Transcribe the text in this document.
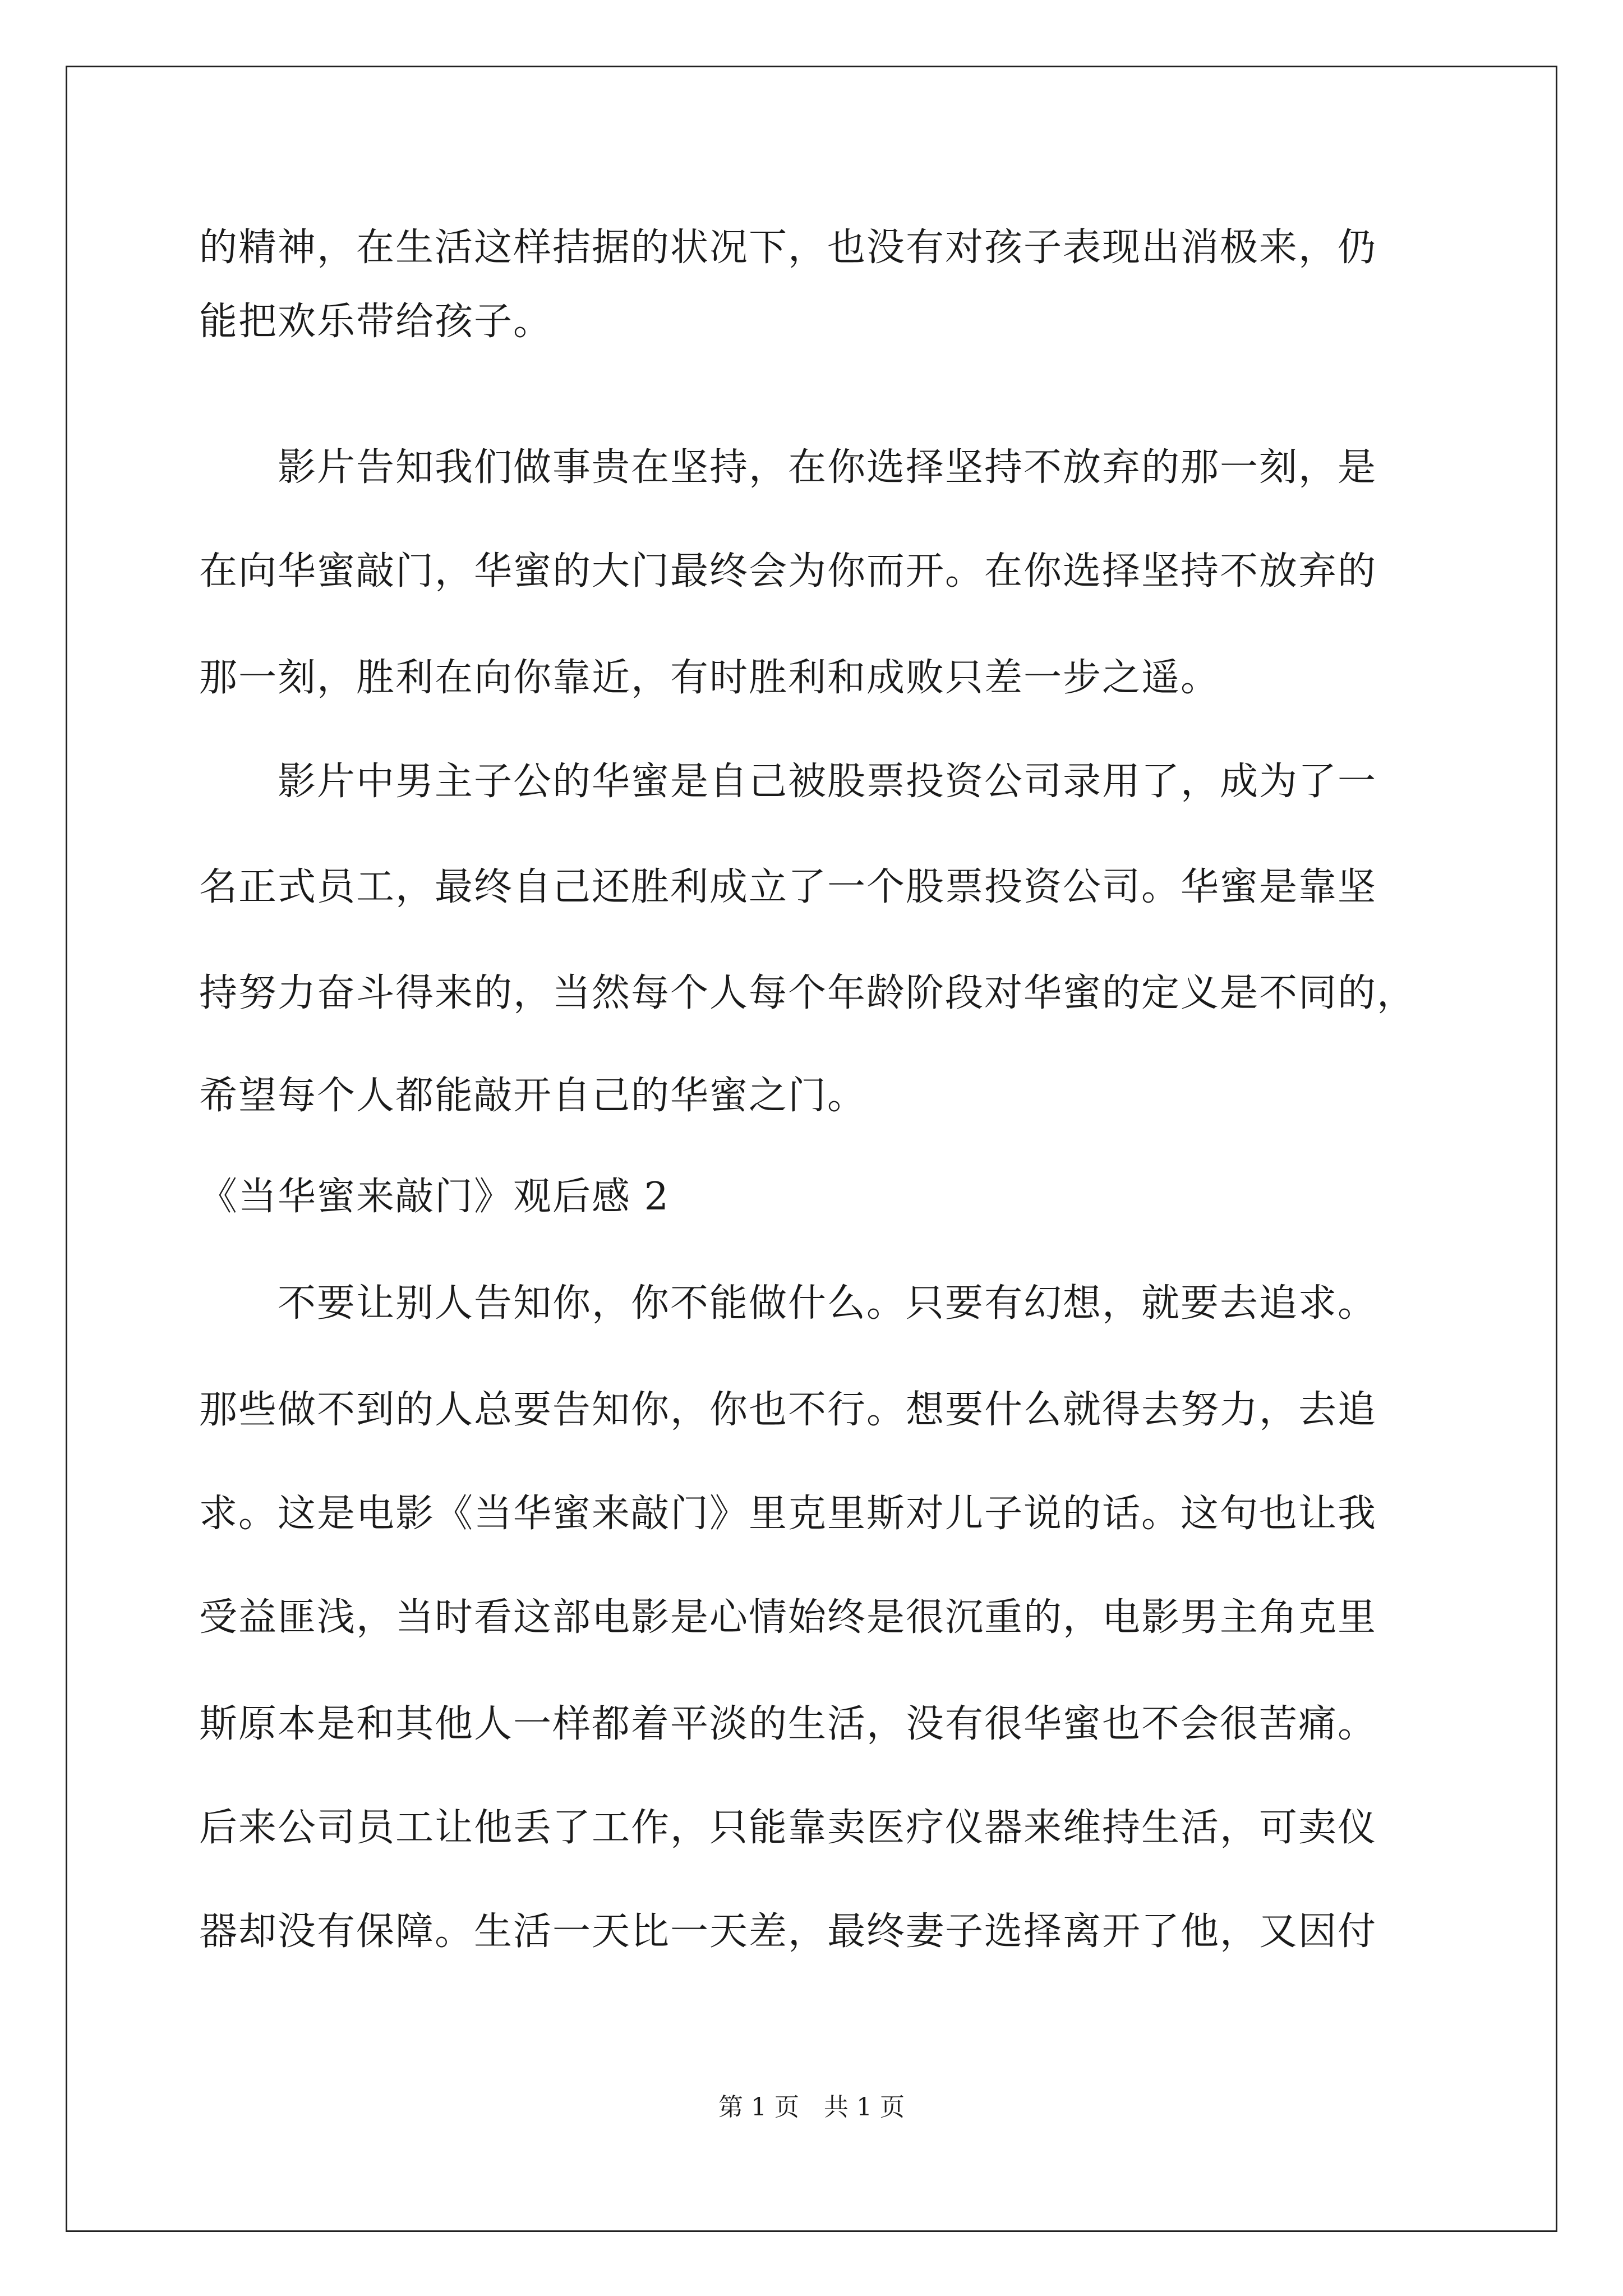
的精神，在生活这样拮据的状况下，也没有对孩子表现出消极来，仍
能把欢乐带给孩子。
　　影片告知我们做事贵在坚持，在你选择坚持不放弃的那一刻，是
在向华蜜敲门，华蜜的大门最终会为你而开。在你选择坚持不放弃的
那一刻，胜利在向你靠近，有时胜利和成败只差一步之遥。
　　影片中男主子公的华蜜是自己被股票投资公司录用了，成为了一
名正式员工，最终自己还胜利成立了一个股票投资公司。华蜜是靠坚
持努力奋斗得来的，当然每个人每个年龄阶段对华蜜的定义是不同的，
希望每个人都能敲开自己的华蜜之门。
《当华蜜来敲门》观后感 2
　　不要让别人告知你，你不能做什么。只要有幻想，就要去追求。
那些做不到的人总要告知你，你也不行。想要什么就得去努力，去追
求。这是电影《当华蜜来敲门》里克里斯对儿子说的话。这句也让我
受益匪浅，当时看这部电影是心情始终是很沉重的，电影男主角克里
斯原本是和其他人一样都着平淡的生活，没有很华蜜也不会很苦痛。
后来公司员工让他丢了工作，只能靠卖医疗仪器来维持生活，可卖仪
器却没有保障。生活一天比一天差，最终妻子选择离开了他，又因付
第 1 页　共 1 页
